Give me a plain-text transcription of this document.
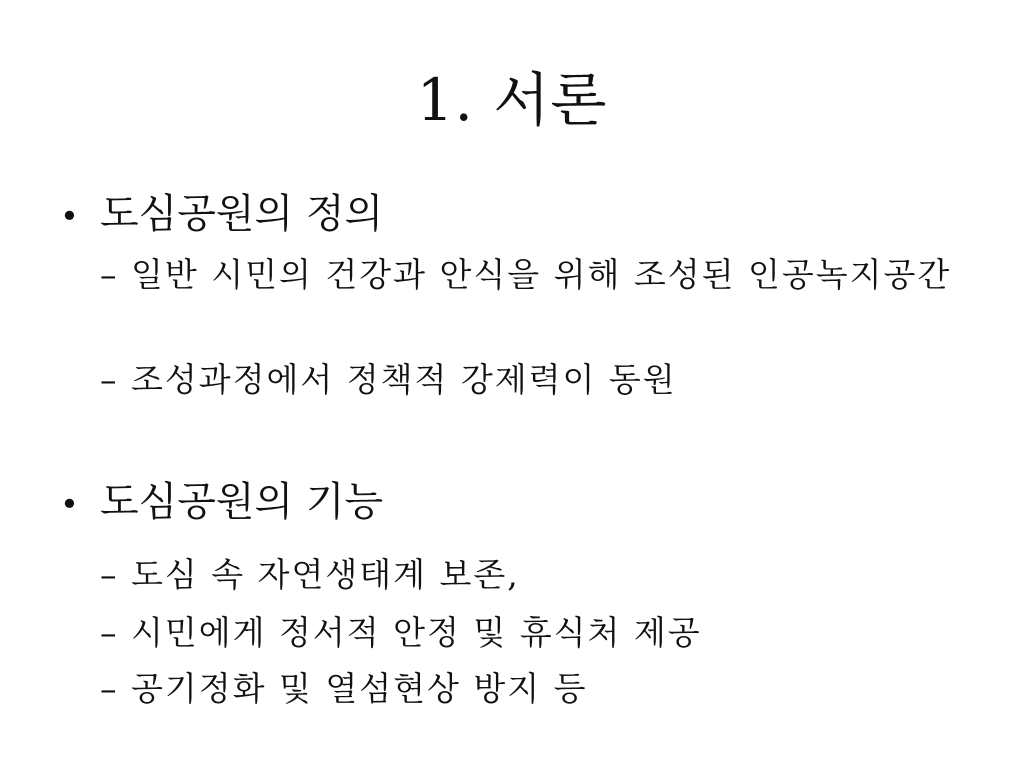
1. 서론
• 도심공원의 정의
– 일반 시민의 건강과 안식을 위해 조성된 인공녹지공간
– 조성과정에서 정책적 강제력이 동원
• 도심공원의 기능
– 도심 속 자연생태계 보존,
– 시민에게 정서적 안정 및 휴식처 제공
– 공기정화 및 열섬현상 방지 등
